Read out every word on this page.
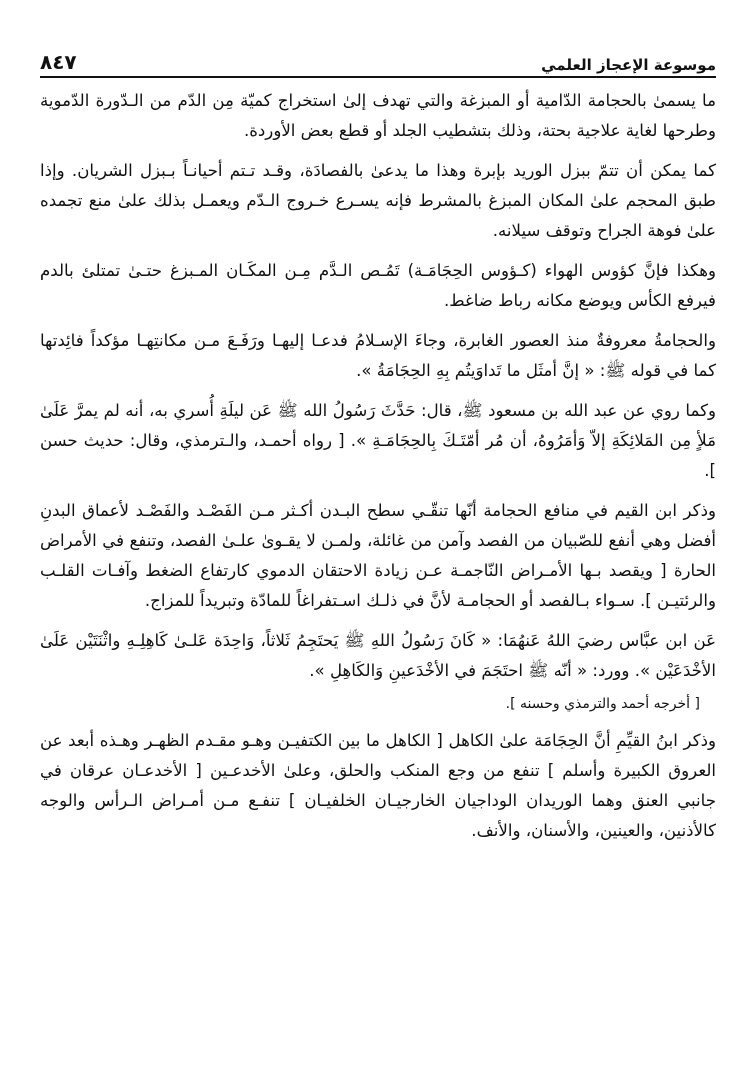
موسوعة الإعجاز العلمي
٨٤٧

ما يسمىٰ بالحجامة الدّامية أو المبزغة والتي تهدف إلىٰ استخراج كميّة مِن الدّم من الـدّورة الدّموية وطرحها لغاية علاجية بحتة، وذلك بتشطيب الجلد أو قطع بعض الأوردة.

كما يمكن أن تتمّ ببزل الوريد بإبرة وهذا ما يدعىٰ بالفصادَة، وقـد تـتم أحيانـاً بـبزل الشريان. وإذا طبق المحجم علىٰ المكان المبزغ بالمشرط فإنه يسـرع خـروج الـدّم ويعمـل بذلك علىٰ منع تجمده علىٰ فوهة الجراح وتوقف سيلانه.

وهكذا فإنَّ كؤوس الهواء (كـؤوس الحِجَامَـة) تَمُـص الـدَّم مِـن المكَـان المـبزغ حتـىٰ تمتلئ بالدم فيرفع الكأس ويوضع مكانه رباط ضاغط.

والحجامةُ معروفةٌ منذ العصور الغابرة، وجاءَ الإسـلامُ فدعـا إليهـا ورَفَـعَ مـن مكانتِهـا مؤكداً فائِدتها كما في قوله ﷺ: « إنَّ أمثَل ما تَداوَيتُم بِهِ الحِجَامَةُ ».

وكما روي عن عبد الله بن مسعود ﷺ، قال: حَدَّثَ رَسُولُ الله ﷺ عَن ليلَةِ أُسري به، أنه لم يمرَّ عَلَىٰ مَلأٍ مِن المَلائِكَةِ إلاّ وَأمَرُوهُ، أن مُر أمّتَـكَ بِالحِجَامَـةِ ». [ رواه أحمـد، والـترمذي، وقال: حديث حسن ].

وذكر ابن القيم في منافع الحجامة أنّها تنقّـي سطح البـدن أكـثر مـن الفَصْـد والفَصْـد لأعماق البدنِ أفضل وهي أنفع للصّبيان من الفصد وآمن من غائلة، ولمـن لا يقـوىٰ علـىٰ الفصد، وتنفع في الأمراض الحارة [ ويقصد بـها الأمـراض النّاجمـة عـن زيادة الاحتقان الدموي كارتفاع الضغط وآفـات القلـب والرئتيـن ]. سـواء بـالفصد أو الحجامـة لأنَّ في ذلـك اسـتفراغاً للمادّة وتبريداً للمزاج.

عَن ابن عبَّاس رضيَ اللهُ عَنهُمَا: « كَانَ رَسُولُ اللهِ ﷺ يَحتَجِمُ ثَلاثاً، وَاحِدَة عَلـىٰ كَاهِلِـهِ واثْنَتَيْن عَلَىٰ الأخْدَعَيْن ». وورد: « أنّه ﷺ احتَجَمَ في الأخْدَعينِ وَالكَاهِلِ ».

[ أخرجه أحمد والترمذي وحسنه ].

وذكر ابنُ القيِّمِ أنَّ الحِجَامَة علىٰ الكاهل [ الكاهل ما بين الكتفيـن وهـو مقـدم الظهـر وهـذه أبعد عن العروق الكبيرة وأسلم ] تنفع من وجع المنكب والحلق، وعلىٰ الأخدعـين [ الأخدعـان عرقان في جانبي العنق وهما الوريدان الوداجيان الخارجيـان الخلفيـان ] تنفـع مـن أمـراض الـرأس والوجه كالأذنين، والعينين، والأسنان، والأنف.
